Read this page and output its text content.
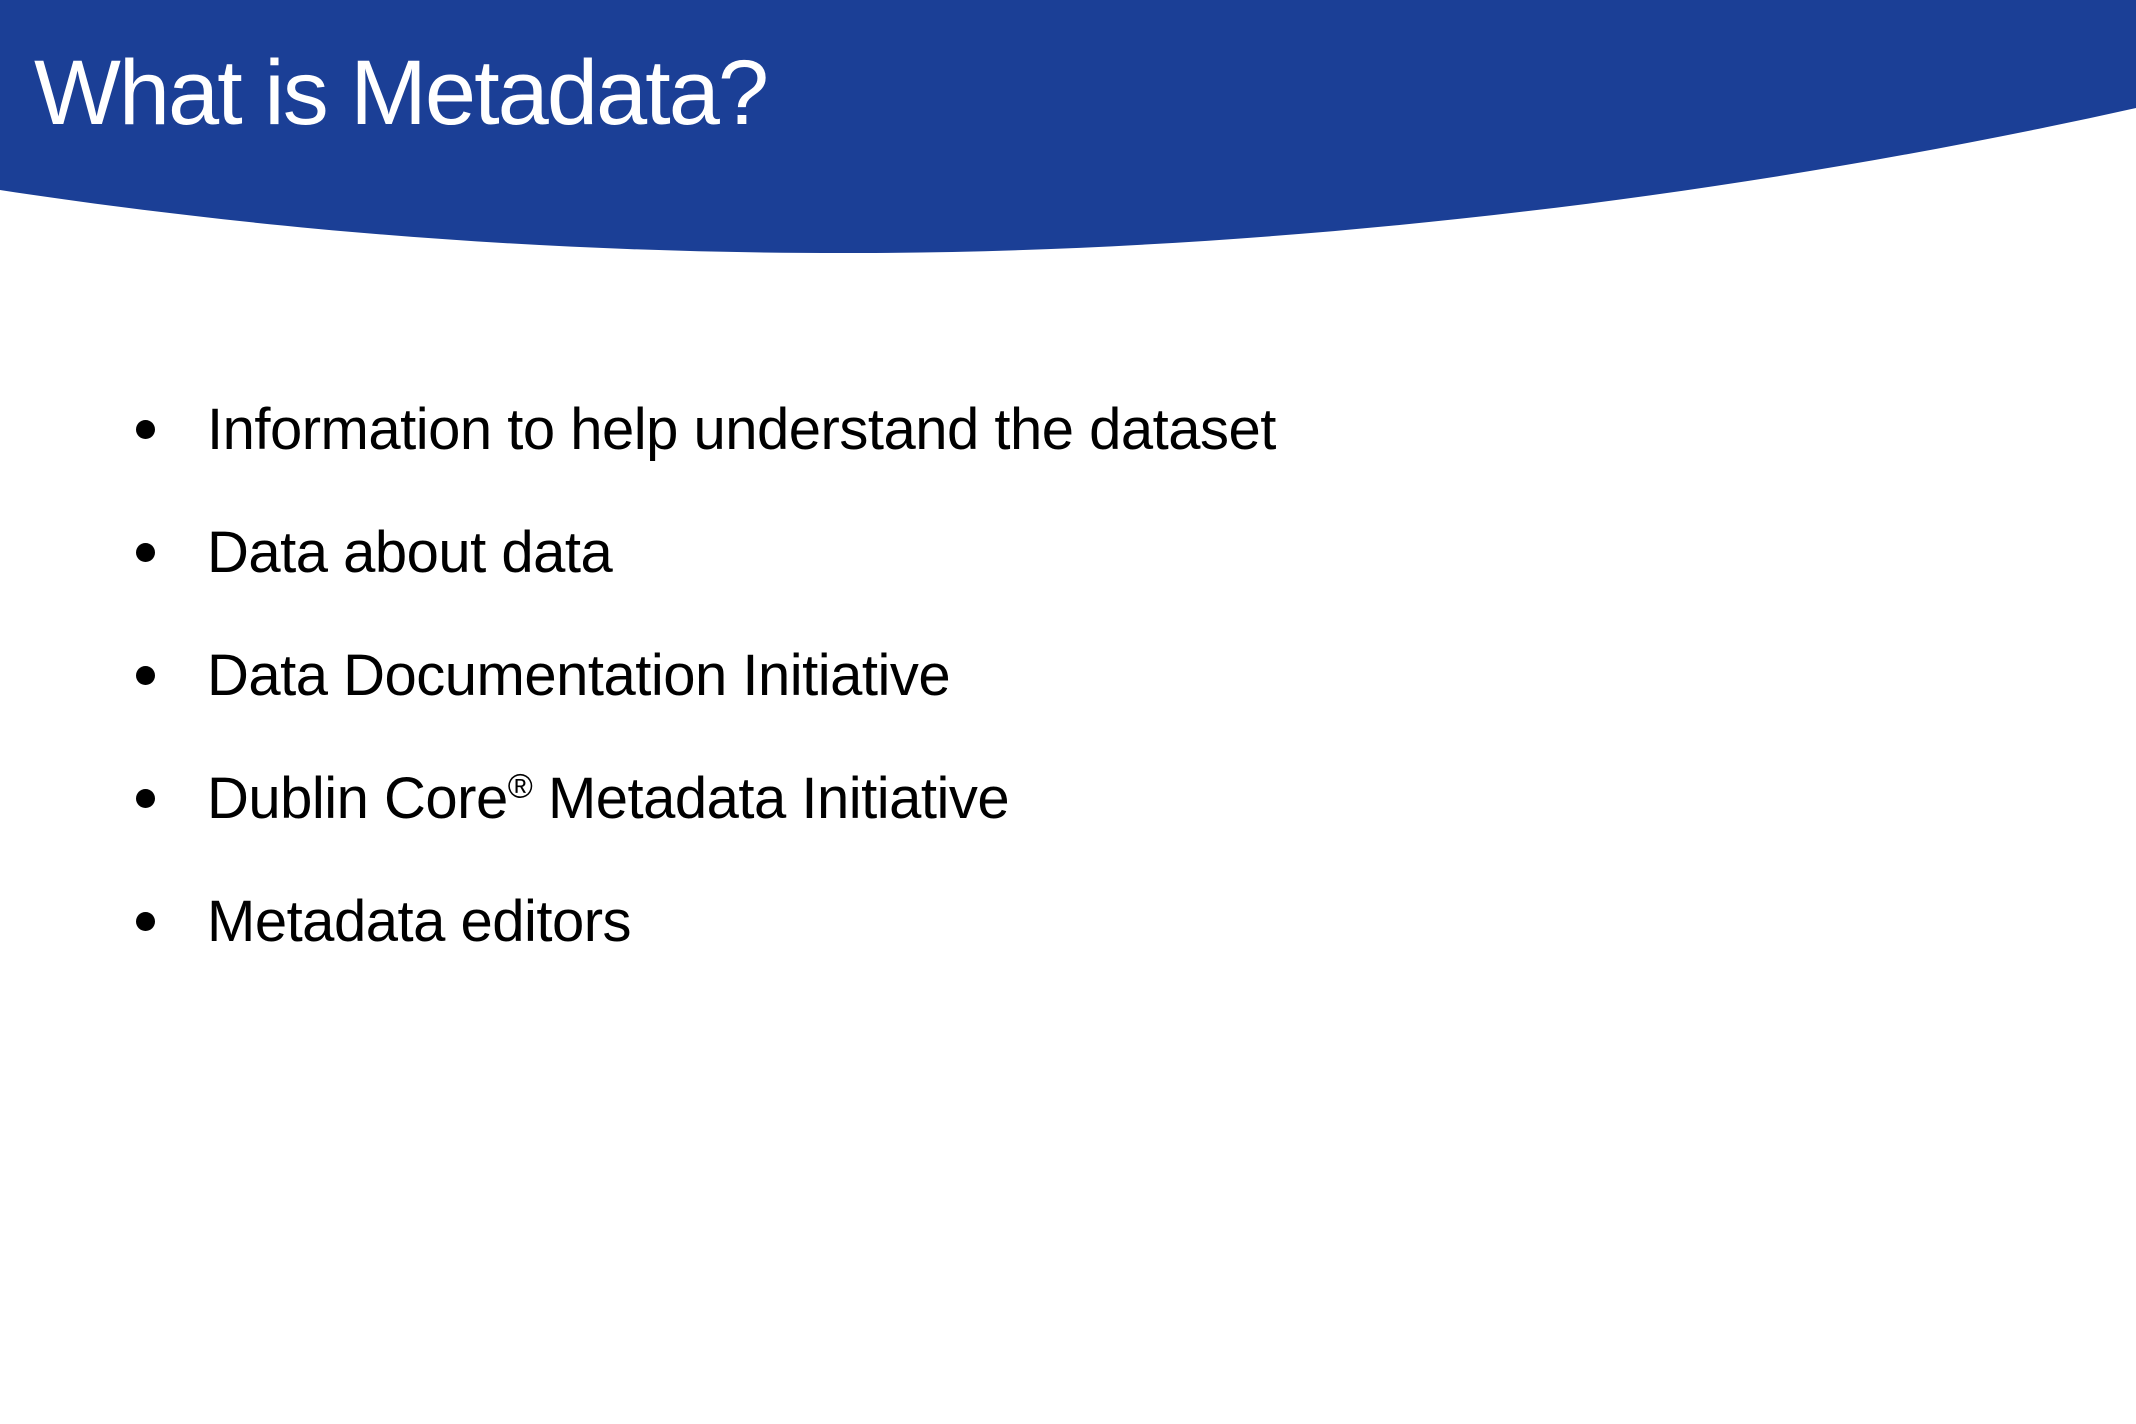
What is Metadata?
Information to help understand the dataset
Data about data
Data Documentation Initiative
Dublin Core® Metadata Initiative
Metadata editors
